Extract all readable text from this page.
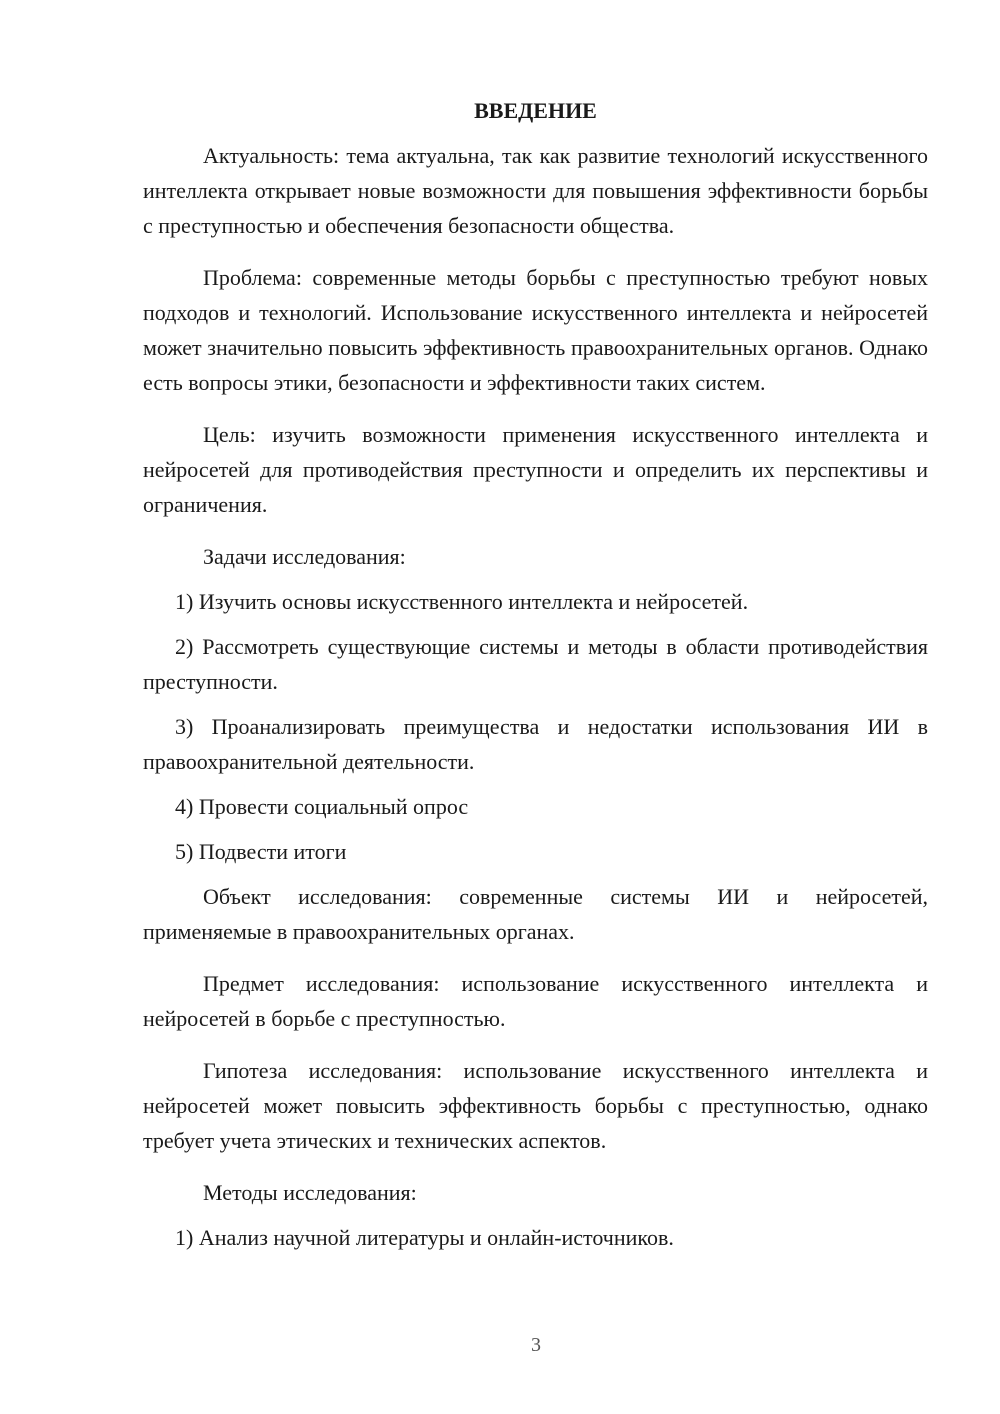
ВВЕДЕНИЕ

Актуальность: тема актуальна, так как развитие технологий искусственного интеллекта открывает новые возможности для повышения эффективности борьбы с преступностью и обеспечения безопасности общества.

Проблема: современные методы борьбы с преступностью требуют новых подходов и технологий. Использование искусственного интеллекта и нейросетей может значительно повысить эффективность правоохранительных органов. Однако есть вопросы этики, безопасности и эффективности таких систем.

Цель: изучить возможности применения искусственного интеллекта и нейросетей для противодействия преступности и определить их перспективы и ограничения.

Задачи исследования:

1) Изучить основы искусственного интеллекта и нейросетей.

2) Рассмотреть существующие системы и методы в области противодействия преступности.

3) Проанализировать преимущества и недостатки использования ИИ в правоохранительной деятельности.

4) Провести социальный опрос

5) Подвести итоги

Объект исследования: современные системы ИИ и нейросетей, применяемые в правоохранительных органах.

Предмет исследования: использование искусственного интеллекта и нейросетей в борьбе с преступностью.

Гипотеза исследования: использование искусственного интеллекта и нейросетей может повысить эффективность борьбы с преступностью, однако требует учета этических и технических аспектов.

Методы исследования:

1) Анализ научной литературы и онлайн-источников.

3
